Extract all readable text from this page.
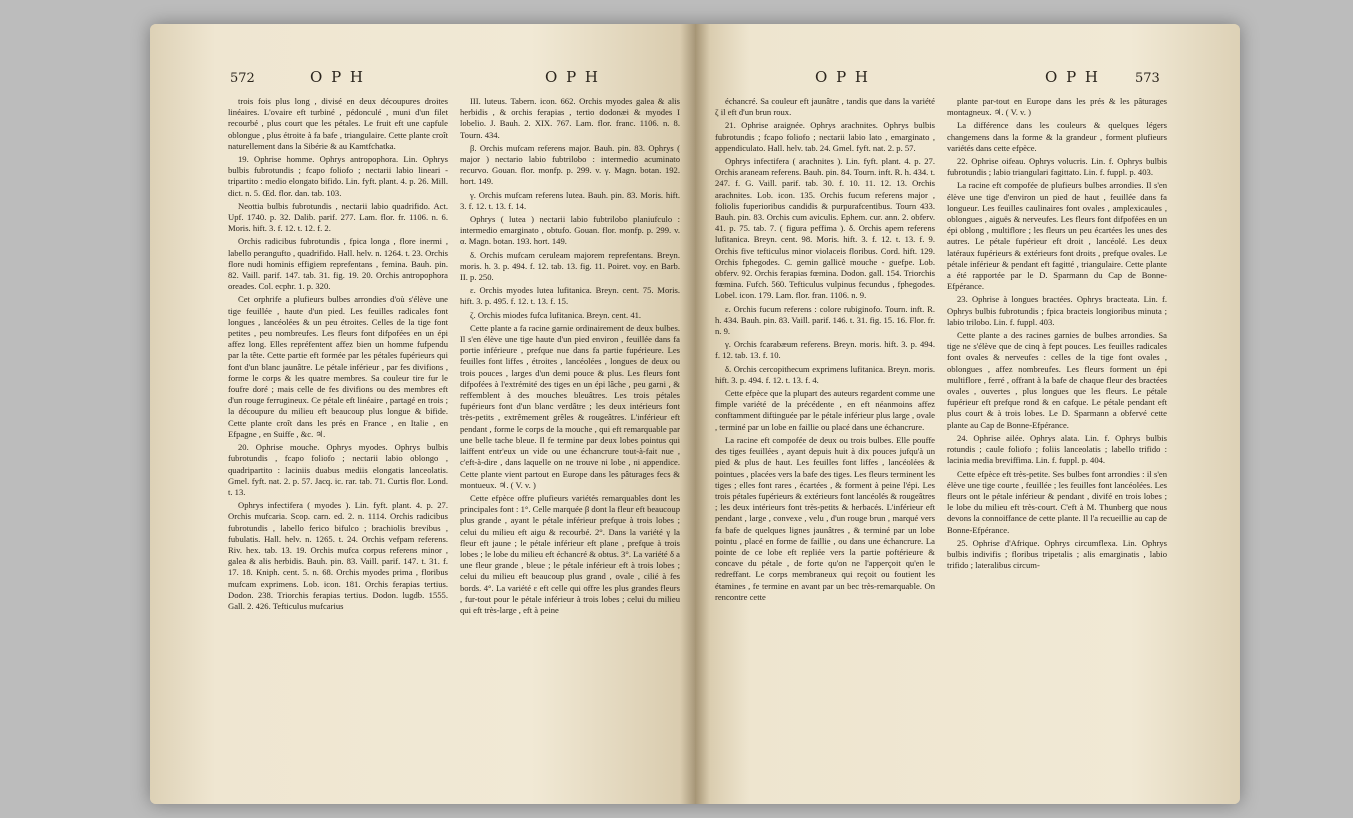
572	O P H	O P H

trois fois plus long , divisé en deux découpures droites linéaires. L'ovaire eft turbiné , pédonculé , muni d'un filet recourbé , plus court que les pétales. Le fruit eft une capfule oblongue , plus étroite à fa bafe , triangulaire. Cette plante croît naturellement dans la Sibérie & au Kamtfchatka.

19. Ophrise homme. Ophrys antropophora. Lin. Ophrys bulbis fubrotundis ; fcapo foliofo ; nectarii labio lineari - tripartito : medio elongato bifido. Lin. fyft. plant. 4. p. 26. Mill. dict. n. 5. Œd. flor. dan. tab. 103.

Neottia bulbis fubrotundis , nectarii labio quadrifido. Act. Upf. 1740. p. 32. Dalib. parif. 277. Lam. flor. fr. 1106. n. 6. Moris. hift. 3. f. 12. t. 12. f. 2.

Orchis radicibus fubrotundis , fpica longa , flore inermi , labello perangufto , quadrifido. Hall. helv. n. 1264. t. 23. Orchis flore nudi hominis effigiem reprefentans , femina. Bauh. pin. 82. Vaill. parif. 147. tab. 31. fig. 19. 20. Orchis antropophora oreades. Col. ecphr. 1. p. 320.

Cet orphrife a plufieurs bulbes arrondies d'où s'élève une tige feuillée , haute d'un pied. Les feuilles radicales font longues , lancéolées & un peu étroites. Celles de la tige font petites , peu nombreufes. Les fleurs font difpofées en un épi affez long. Elles repréfentent affez bien un homme fufpendu par la tête. Cette partie eft formée par les pétales fupérieurs qui font d'un blanc jaunâtre. Le pétale inférieur , par fes divifions , forme le corps & les quatre membres. Sa couleur tire fur le foufre doré ; mais celle de fes divifions ou des membres eft d'un rouge ferrugineux. Ce pétale eft linéaire , partagé en trois ; la découpure du milieu eft beaucoup plus longue & bifide. Cette plante croît dans les prés en France , en Italie , en Efpagne , en Suiffe , &c. ♃.

20. Ophrise mouche. Ophrys myodes. Ophrys bulbis fubrotundis , fcapo foliofo ; nectarii labio oblongo , quadripartito : laciniis duabus mediis elongatis lanceolatis. Gmel. fyft. nat. 2. p. 57. Jacq. ic. rar. tab. 71. Curtis flor. Lond. t. 13.

Ophrys infectifera ( myodes ). Lin. fyft. plant. 4. p. 27. Orchis mufcaria. Scop. carn. ed. 2. n. 1114. Orchis radicibus fubrotundis , labello ferico bifulco ; brachiolis brevibus , fubulatis. Hall. helv. n. 1265. t. 24. Orchis vefpam referens. Riv. hex. tab. 13. 19. Orchis mufca corpus referens minor , galea & alis herbidis. Bauh. pin. 83. Vaill. parif. 147. t. 31. f. 17. 18. Kniph. cent. 5. n. 68. Orchis myodes prima , floribus mufcam exprimens. Lob. icon. 181. Orchis ferapias tertius. Dodon. 238. Triorchis ferapias tertius. Dodon. lugdb. 1555. Gall. 2. 426. Tefticulus mufcarius

III. luteus. Tabern. icon. 662. Orchis myodes galea & alis herbidis , & orchis ferapias , tertio dodonæi & myodes I lobelio. J. Bauh. 2. XIX. 767. Lam. flor. franc. 1106. n. 8. Tourn. 434.

β. Orchis mufcam referens major. Bauh. pin. 83. Ophrys ( major ) nectario labio fubtrilobo : intermedio acuminato recurvo. Gouan. flor. monfp. p. 299. v. γ. Magn. botan. 192. hort. 149.

γ. Orchis mufcam referens lutea. Bauh. pin. 83. Moris. hift. 3. f. 12. t. 13. f. 14.

Ophrys ( lutea ) nectarii labio fubtrilobo planiufculo : intermedio emarginato , obtufo. Gouan. flor. monfp. p. 299. v. α. Magn. botan. 193. hort. 149.

δ. Orchis mufcam ceruleam majorem reprefentans. Breyn. moris. h. 3. p. 494. f. 12. tab. 13. fig. 11. Poiret. voy. en Barb. II. p. 250.

ε. Orchis myodes lutea lufitanica. Breyn. cent. 75. Moris. hift. 3. p. 495. f. 12. t. 13. f. 15.

ζ. Orchis miodes fufca lufitanica. Breyn. cent. 41.

Cette plante a fa racine garnie ordinairement de deux bulbes. Il s'en élève une tige haute d'un pied environ , feuillée dans fa portie inférieure , prefque nue dans fa partie fupérieure. Les feuilles font liffes , étroites , lancéolées , longues de deux ou trois pouces , larges d'un demi pouce & plus. Les fleurs font difpofées à l'extrémité des tiges en un épi lâche , peu garni , & reffemblent à des mouches bleuâtres. Les trois pétales fupérieurs font d'un blanc verdâtre ; les deux intérieurs font très-petits , extrêmement grêles & rougeâtres. L'inférieur eft pendant , forme le corps de la mouche , qui eft remarquable par une belle tache bleue. Il fe termine par deux lobes pointus qui laiffent entr'eux un vide ou une échancrure tout-à-fait nue , c'eft-à-dire , dans laquelle on ne trouve ni lobe , ni appendice. Cette plante vient partout en Europe dans les pâturages fecs & montueux. ♃. ( V. v. )

Cette efpèce offre plufieurs variétés remarquables dont les principales font : 1°. Celle marquée β dont la fleur eft beaucoup plus grande , ayant le pétale inférieur prefque à trois lobes ; celui du milieu eft aigu & recourbé. 2°. Dans la variété γ la fleur eft jaune ; le pétale inférieur eft plane , prefque à trois lobes ; le lobe du milieu eft échancré & obtus. 3°. La variété δ a une fleur grande , bleue ; le pétale inférieur eft à trois lobes ; celui du milieu eft beaucoup plus grand , ovale , cilié à fes bords. 4°. La variété ε eft celle qui offre les plus grandes fleurs , fur-tout pour le pétale inférieur à trois lobes ; celui du milieu qui eft très-large , eft à peine

O P H	O P H	573

échancré. Sa couleur eft jaunâtre , tandis que dans la variété ζ il eft d'un brun roux.

21. Ophrise araignée. Ophrys arachnites. Ophrys bulbis fubrotundis ; fcapo foliofo ; nectarii labio lato , emarginato , appendiculato. Hall. helv. tab. 24. Gmel. fyft. nat. 2. p. 57.

Ophrys infectifera ( arachnites ). Lin. fyft. plant. 4. p. 27. Orchis araneam referens. Bauh. pin. 84. Tourn. inft. R. h. 434. t. 247. f. G. Vaill. parif. tab. 30. f. 10. 11. 12. 13. Orchis arachnites. Lob. icon. 135. Orchis fucum referens major , foliolis fuperioribus candidis & purpurafcentibus. Tourn 433. Bauh. pin. 83. Orchis cum aviculis. Ephem. cur. ann. 2. obferv. 41. p. 75. tab. 7. ( figura peffima ). δ. Orchis apem referens lufitanica. Breyn. cent. 98. Moris. hift. 3. f. 12. t. 13. f. 9. Orchis five tefticulus minor violaceis floribus. Cord. hift. 129. Orchis fphegodes. C. gemin gallicè mouche - guefpe. Lob. obferv. 92. Orchis ferapias fœmina. Dodon. gall. 154. Triorchis fœmina. Fufch. 560. Tefticulus vulpinus fecundus , fphegodes. Lobel. icon. 179. Lam. flor. fran. 1106. n. 9.

ε. Orchis fucum referens : colore rubiginofo. Tourn. inft. R. h. 434. Bauh. pin. 83. Vaill. parif. 146. t. 31. fig. 15. 16. Flor. fr. n. 9.

γ. Orchis fcarabæum referens. Breyn. moris. hift. 3. p. 494. f. 12. tab. 13. f. 10.

δ. Orchis cercopithecum exprimens lufitanica. Breyn. moris. hift. 3. p. 494. f. 12. t. 13. f. 4.

Cette efpèce que la plupart des auteurs regardent comme une fimple variété de la précédente , en eft néanmoins affez conftamment diftinguée par le pétale inférieur plus large , ovale , terminé par un lobe en faillie ou placé dans une échancrure.

La racine eft compofée de deux ou trois bulbes. Elle pouffe des tiges feuillées , ayant depuis huit à dix pouces jufqu'à un pied & plus de haut. Les feuilles font liffes , lancéolées & pointues , placées vers la bafe des tiges. Les fleurs terminent les tiges ; elles font rares , écartées , & forment à peine l'épi. Les trois pétales fupérieurs & extérieurs font lancéolés & rougeâtres ; les deux intérieurs font très-petits & herbacés. L'inférieur eft pendant , large , convexe , velu , d'un rouge brun , marqué vers fa bafe de quelques lignes jaunâtres , & terminé par un lobe pointu , placé en forme de faillie , ou dans une échancrure. La pointe de ce lobe eft repliée vers la partie poftérieure & concave du pétale , de forte qu'on ne l'apperçoit qu'en le redreffant. Le corps membraneux qui reçoit ou foutient les étamines , fe termine en avant par un bec très-remarquable. On rencontre cette

plante par-tout en Europe dans les prés & les pâturages montagneux. ♃. ( V. v. )

La différence dans les couleurs & quelques légers changemens dans la forme & la grandeur , forment plufieurs variétés dans cette efpèce.

22. Ophrise oifeau. Ophrys volucris. Lin. f. Ophrys bulbis fubrotundis ; labio triangulari fagittato. Lin. f. fuppl. p. 403.

La racine eft compofée de plufieurs bulbes arrondies. Il s'en élève une tige d'environ un pied de haut , feuillée dans fa longueur. Les feuilles caulinaires font ovales , amplexicaules , oblongues , aiguës & nerveufes. Les fleurs font difpofées en un épi oblong , multiflore ; les fleurs un peu écartées les unes des autres. Le pétale fupérieur eft droit , lancéolé. Les deux latéraux fupérieurs & extérieurs font droits , prefque ovales. Le pétale inférieur & pendant eft fagitté , triangulaire. Cette plante a été rapportée par le D. Sparmann du Cap de Bonne-Efpérance.

23. Ophrise à longues bractées. Ophrys bracteata. Lin. f. Ophrys bulbis fubrotundis ; fpica bracteis longioribus minuta ; labio trilobo. Lin. f. fuppl. 403.

Cette plante a des racines garnies de bulbes arrondies. Sa tige ne s'élève que de cinq à fept pouces. Les feuilles radicales font ovales & nerveufes : celles de la tige font ovales , oblongues , affez nombreufes. Les fleurs forment un épi multiflore , ferré , offrant à la bafe de chaque fleur des bractées ovales , ouvertes , plus longues que les fleurs. Le pétale fupérieur eft prefque rond & en cafque. Le pétale pendant eft plus court & à trois lobes. Le D. Sparmann a obfervé cette plante au Cap de Bonne-Efpérance.

24. Ophrise ailée. Ophrys alata. Lin. f. Ophrys bulbis rotundis ; caule foliofo ; foliis lanceolatis ; labello trifido : lacinia media breviffima. Lin. f. fuppl. p. 404.

Cette efpèce eft très-petite. Ses bulbes font arrondies : il s'en élève une tige courte , feuillée ; les feuilles font lancéolées. Les fleurs ont le pétale inférieur & pendant , divifé en trois lobes ; le lobe du milieu eft très-court. C'eft à M. Thunberg que nous devons la connoiffance de cette plante. Il l'a recueillie au cap de Bonne-Efpérance.

25. Ophrise d'Afrique. Ophrys circumflexa. Lin. Ophrys bulbis indivifis ; floribus tripetalis ; alis emarginatis , labio trifido ; lateralibus circum-
